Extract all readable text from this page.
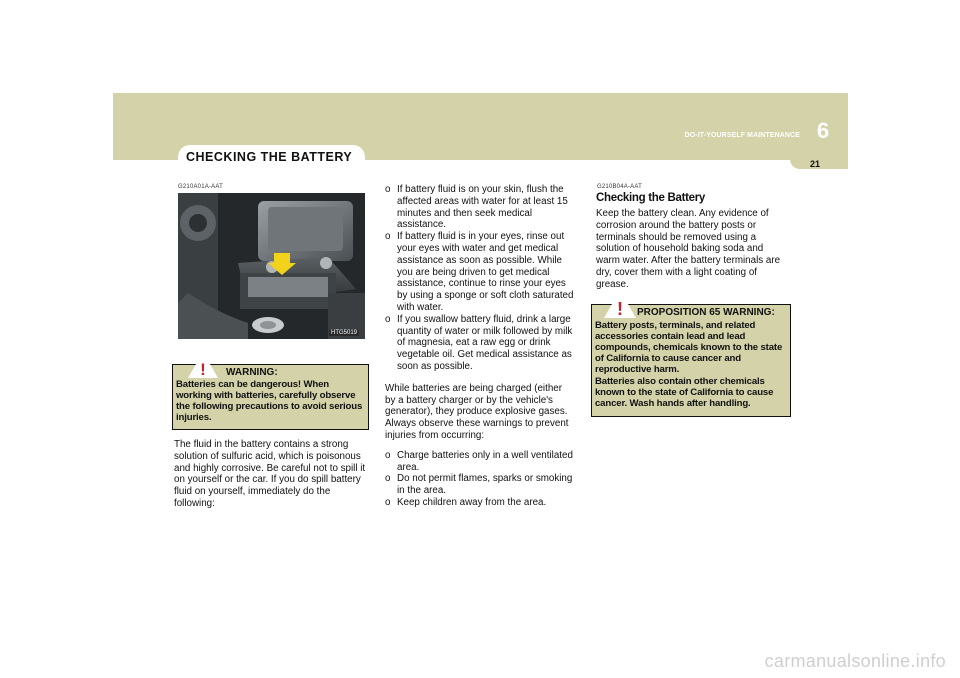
6
DO-IT-YOURSELF MAINTENANCE
21
CHECKING THE BATTERY
G210A01A-AAT
HTG5019
! WARNING:
Batteries can be dangerous! When working with batteries, carefully observe the following precautions to avoid serious injuries.
The fluid in the battery contains a strong solution of sulfuric acid, which is poisonous and highly corrosive. Be careful not to spill it on yourself or the car. If you do spill battery fluid on yourself, immediately do the following:
o If battery fluid is on your skin, flush the affected areas with water for at least 15 minutes and then seek medical assistance.
o If battery fluid is in your eyes, rinse out your eyes with water and get medical assistance as soon as possible. While you are being driven to get medical assistance, continue to rinse your eyes by using a sponge or soft cloth saturated with water.
o If you swallow battery fluid, drink a large quantity of water or milk followed by milk of magnesia, eat a raw egg or drink vegetable oil. Get medical assistance as soon as possible.

While batteries are being charged (either by a battery charger or by the vehicle's generator), they produce explosive gases. Always observe these warnings to prevent injuries from occurring:

o Charge batteries only in a well ventilated area.
o Do not permit flames, sparks or smoking in the area.
o Keep children away from the area.
G210B04A-AAT
Checking the Battery
Keep the battery clean. Any evidence of corrosion around the battery posts or terminals should be removed using a solution of household baking soda and warm water. After the battery terminals are dry, cover them with a light coating of grease.
! PROPOSITION 65 WARNING:
Battery posts, terminals, and related accessories contain lead and lead compounds, chemicals known to the state of California to cause cancer and reproductive harm.
Batteries also contain other chemicals known to the state of California to cause cancer. Wash hands after handling.
carmanualsonline.info
